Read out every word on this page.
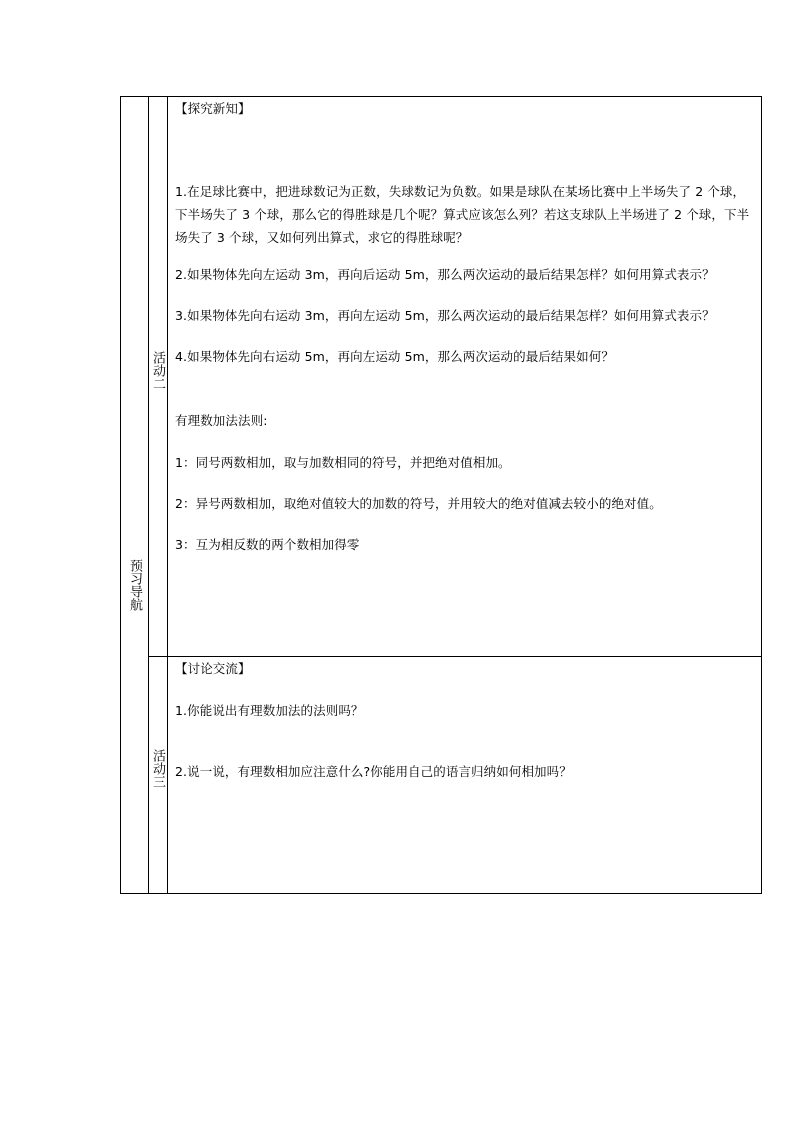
预习导航
活动二
【探究新知】
1.在足球比赛中，把进球数记为正数，失球数记为负数。如果是球队在某场比赛中上半场失了 2 个球，下半场失了 3 个球，那么它的得胜球是几个呢？算式应该怎么列？若这支球队上半场进了 2 个球，下半场失了 3 个球，又如何列出算式，求它的得胜球呢？
2.如果物体先向左运动 3m，再向后运动 5m，那么两次运动的最后结果怎样？如何用算式表示？
3.如果物体先向右运动 3m，再向左运动 5m，那么两次运动的最后结果怎样？如何用算式表示？
4.如果物体先向右运动 5m，再向左运动 5m，那么两次运动的最后结果如何？
有理数加法法则:
1：同号两数相加，取与加数相同的符号，并把绝对值相加。
2：异号两数相加，取绝对值较大的加数的符号，并用较大的绝对值减去较小的绝对值。
3：互为相反数的两个数相加得零
活动三
【讨论交流】
1.你能说出有理数加法的法则吗？
2.说一说，有理数相加应注意什么?你能用自己的语言归纳如何相加吗？
